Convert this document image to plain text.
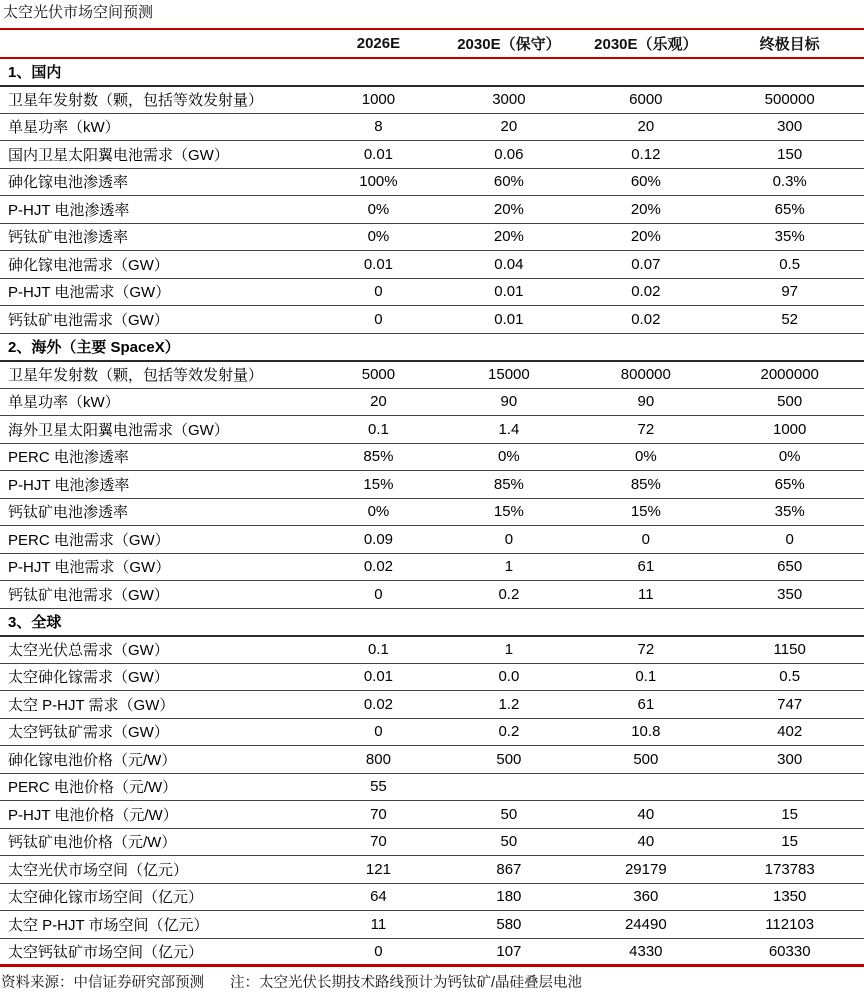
太空光伏市场空间预测
	2026E	2030E（保守）	2030E（乐观）	终极目标
1、国内				
卫星年发射数（颗，包括等效发射量）	1000	3000	6000	500000
单星功率（kW）	8	20	20	300
国内卫星太阳翼电池需求（GW）	0.01	0.06	0.12	150
砷化镓电池渗透率	100%	60%	60%	0.3%
P-HJT 电池渗透率	0%	20%	20%	65%
钙钛矿电池渗透率	0%	20%	20%	35%
砷化镓电池需求（GW）	0.01	0.04	0.07	0.5
P-HJT 电池需求（GW）	0	0.01	0.02	97
钙钛矿电池需求（GW）	0	0.01	0.02	52
2、海外（主要 SpaceX）				
卫星年发射数（颗，包括等效发射量）	5000	15000	800000	2000000
单星功率（kW）	20	90	90	500
海外卫星太阳翼电池需求（GW）	0.1	1.4	72	1000
PERC 电池渗透率	85%	0%	0%	0%
P-HJT 电池渗透率	15%	85%	85%	65%
钙钛矿电池渗透率	0%	15%	15%	35%
PERC 电池需求（GW）	0.09	0	0	0
P-HJT 电池需求（GW）	0.02	1	61	650
钙钛矿电池需求（GW）	0	0.2	11	350
3、全球				
太空光伏总需求（GW）	0.1	1	72	1150
太空砷化镓需求（GW）	0.01	0.0	0.1	0.5
太空 P-HJT 需求（GW）	0.02	1.2	61	747
太空钙钛矿需求（GW）	0	0.2	10.8	402
砷化镓电池价格（元/W）	800	500	500	300
PERC 电池价格（元/W）	55			
P-HJT 电池价格（元/W）	70	50	40	15
钙钛矿电池价格（元/W）	70	50	40	15
太空光伏市场空间（亿元）	121	867	29179	173783
太空砷化镓市场空间（亿元）	64	180	360	1350
太空 P-HJT 市场空间（亿元）	11	580	24490	112103
太空钙钛矿市场空间（亿元）	0	107	4330	60330
资料来源：中信证券研究部预测 注：太空光伏长期技术路线预计为钙钛矿/晶硅叠层电池
